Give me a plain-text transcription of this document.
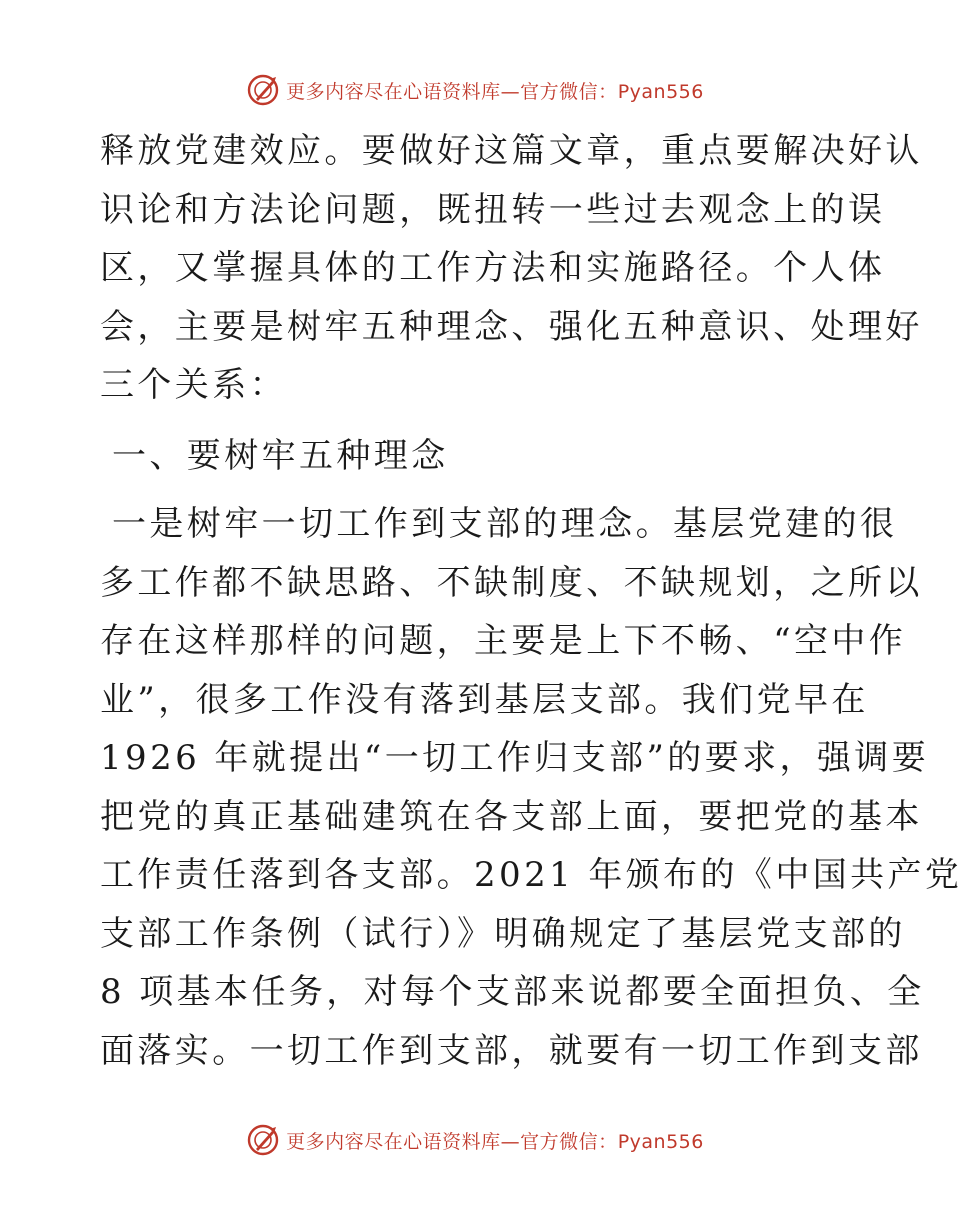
更多内容尽在心语资料库—官方微信：Pyan556
释放党建效应。要做好这篇文章，重点要解决好认
识论和方法论问题，既扭转一些过去观念上的误
区，又掌握具体的工作方法和实施路径。个人体
会，主要是树牢五种理念、强化五种意识、处理好
三个关系：
一、要树牢五种理念
一是树牢一切工作到支部的理念。基层党建的很
多工作都不缺思路、不缺制度、不缺规划，之所以
存在这样那样的问题，主要是上下不畅、“空中作
业”，很多工作没有落到基层支部。我们党早在
1926 年就提出“一切工作归支部”的要求，强调要
把党的真正基础建筑在各支部上面，要把党的基本
工作责任落到各支部。2021 年颁布的《中国共产党
支部工作条例（试行）》明确规定了基层党支部的
8 项基本任务，对每个支部来说都要全面担负、全
面落实。一切工作到支部，就要有一切工作到支部
更多内容尽在心语资料库—官方微信：Pyan556
